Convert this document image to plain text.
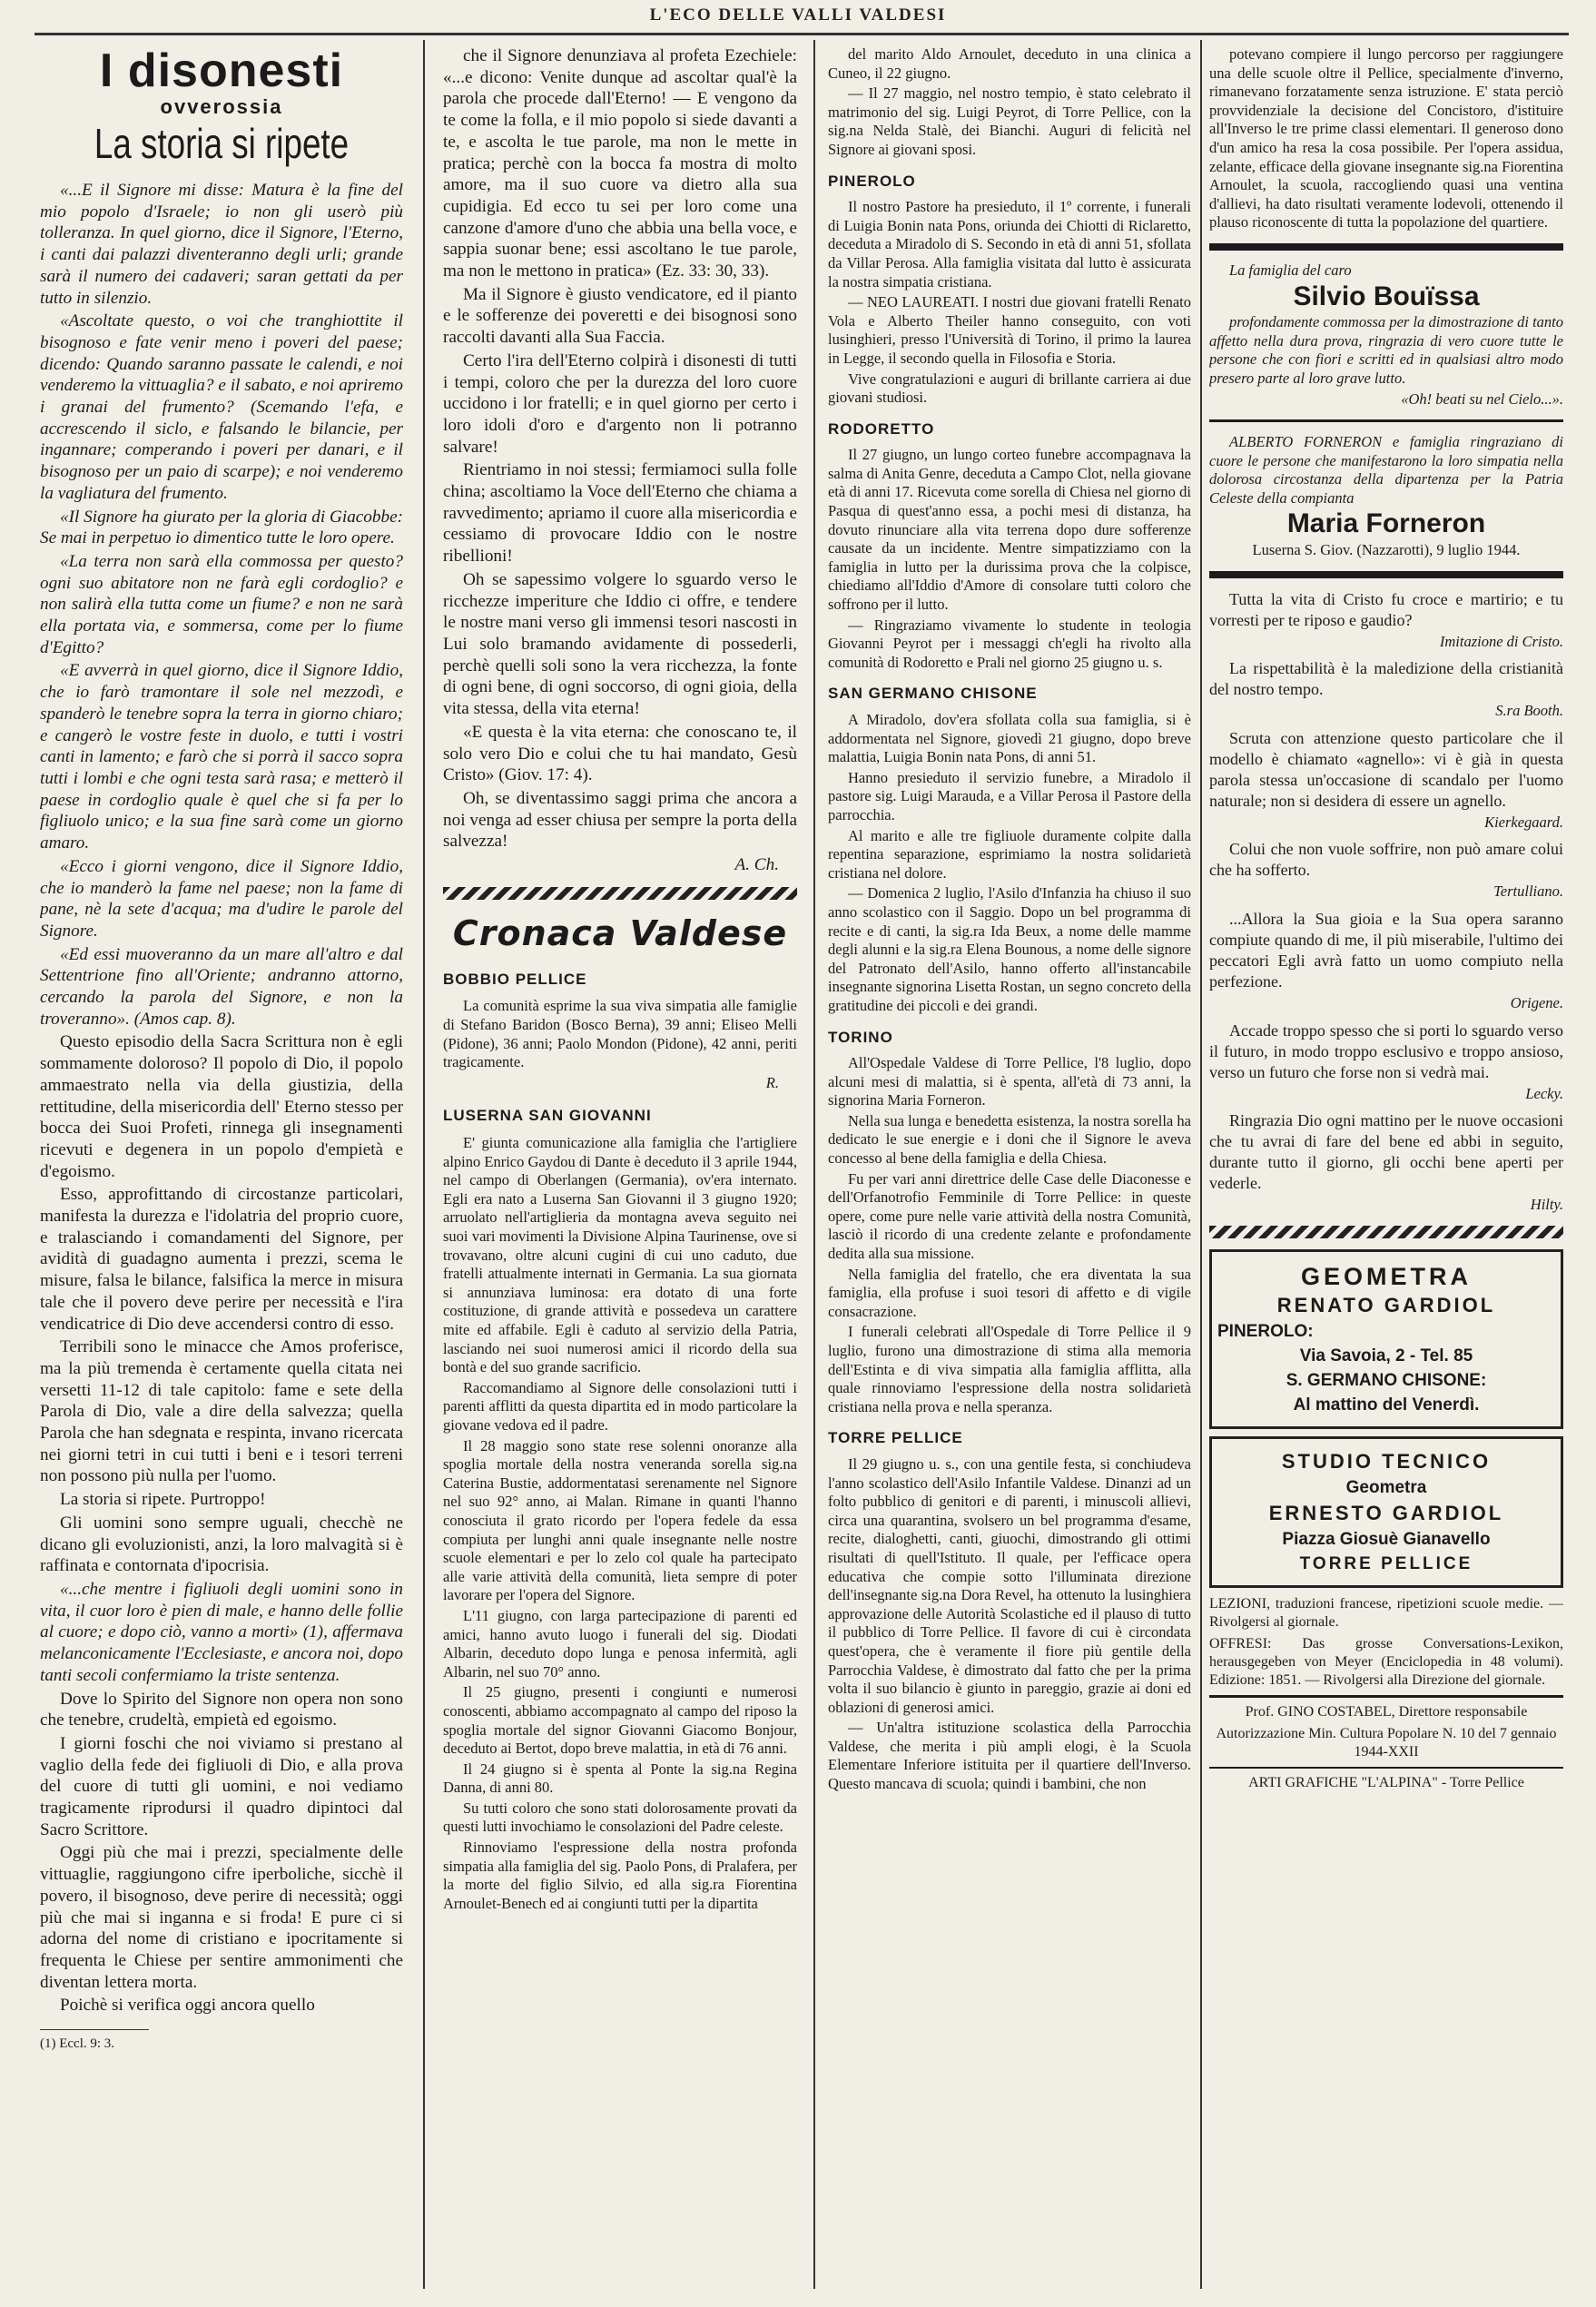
L'ECO DELLE VALLI VALDESI
I disonesti
ovverossia
La storia si ripete

«...E il Signore mi disse: Matura è la fine del mio popolo d'Israele; io non gli userò più tolleranza. In quel giorno, dice il Signore, l'Eterno, i canti dai palazzi diventeranno degli urli; grande sarà il numero dei cadaveri; saran gettati da per tutto in silenzio.

«Ascoltate questo, o voi che tranghiottite il bisognoso e fate venir meno i poveri del paese; dicendo: Quando saranno passate le calendi, e noi venderemo la vittuaglia? e il sabato, e noi apriremo i granai del frumento? (Scemando l'efa, e accrescendo il siclo, e falsando le bilancie, per ingannare; comperando i poveri per danari, e il bisognoso per un paio di scarpe); e noi venderemo la vagliatura del frumento.

«Il Signore ha giurato per la gloria di Giacobbe: Se mai in perpetuo io dimentico tutte le loro opere.

«La terra non sarà ella commossa per questo? ogni suo abitatore non ne farà egli cordoglio? e non salirà ella tutta come un fiume? e non ne sarà ella portata via, e sommersa, come per lo fiume d'Egitto?

«E avverrà in quel giorno, dice il Signore Iddio, che io farò tramontare il sole nel mezzodì, e spanderò le tenebre sopra la terra in giorno chiaro; e cangerò le vostre feste in duolo, e tutti i vostri canti in lamento; e farò che si porrà il sacco sopra tutti i lombi e che ogni testa sarà rasa; e metterò il paese in cordoglio quale è quel che si fa per lo figliuolo unico; e la sua fine sarà come un giorno amaro.

«Ecco i giorni vengono, dice il Signore Iddio, che io manderò la fame nel paese; non la fame di pane, nè la sete d'acqua; ma d'udire le parole del Signore.

«Ed essi muoveranno da un mare all'altro e dal Settentrione fino all'Oriente; andranno attorno, cercando la parola del Signore, e non la troveranno». (Amos cap. 8).

Questo episodio della Sacra Scrittura non è egli sommamente doloroso? Il popolo di Dio, il popolo ammaestrato nella via della giustizia, della rettitudine, della misericordia dell' Eterno stesso per bocca dei Suoi Profeti, rinnega gli insegnamenti ricevuti e degenera in un popolo d'empietà e d'egoismo.

Esso, approfittando di circostanze particolari, manifesta la durezza e l'idolatria del proprio cuore, e tralasciando i comandamenti del Signore, per avidità di guadagno aumenta i prezzi, scema le misure, falsa le bilance, falsifica la merce in misura tale che il povero deve perire per necessità e l'ira vendicatrice di Dio deve accendersi contro di esso.

Terribili sono le minacce che Amos proferisce, ma la più tremenda è certamente quella citata nei versetti 11-12 di tale capitolo: fame e sete della Parola di Dio, vale a dire della salvezza; quella Parola che han sdegnata e respinta, invano ricercata nei giorni tetri in cui tutti i beni e i tesori terreni non possono più nulla per l'uomo.

La storia si ripete. Purtroppo!

Gli uomini sono sempre uguali, checchè ne dicano gli evoluzionisti, anzi, la loro malvagità si è raffinata e contornata d'ipocrisia.

«...che mentre i figliuoli degli uomini sono in vita, il cuor loro è pien di male, e hanno delle follie al cuore; e dopo ciò, vanno a morti» (1), affermava melanconicamente l'Ecclesiaste, e ancora noi, dopo tanti secoli confermiamo la triste sentenza.

Dove lo Spirito del Signore non opera non sono che tenebre, crudeltà, empietà ed egoismo.

I giorni foschi che noi viviamo si prestano al vaglio della fede dei figliuoli di Dio, e alla prova del cuore di tutti gli uomini, e noi vediamo tragicamente riprodursi il quadro dipintoci dal Sacro Scrittore.

Oggi più che mai i prezzi, specialmente delle vittuaglie, raggiungono cifre iperboliche, sicchè il povero, il bisognoso, deve perire di necessità; oggi più che mai si inganna e si froda! E pure ci si adorna del nome di cristiano e ipocritamente si frequenta le Chiese per sentire ammonimenti che diventan lettera morta.

Poichè si verifica oggi ancora quello

(1) Eccl. 9: 3.

che il Signore denunziava al profeta Ezechiele: «...e dicono: Venite dunque ad ascoltar qual'è la parola che procede dall'Eterno! — E vengono da te come la folla, e il mio popolo si siede davanti a te, e ascolta le tue parole, ma non le mette in pratica; perchè con la bocca fa mostra di molto amore, ma il suo cuore va dietro alla sua cupidigia. Ed ecco tu sei per loro come una canzone d'amore d'uno che abbia una bella voce, e sappia suonar bene; essi ascoltano le tue parole, ma non le mettono in pratica» (Ez. 33: 30, 33).

Ma il Signore è giusto vendicatore, ed il pianto e le sofferenze dei poveretti e dei bisognosi sono raccolti davanti alla Sua Faccia.

Certo l'ira dell'Eterno colpirà i disonesti di tutti i tempi, coloro che per la durezza del loro cuore uccidono i lor fratelli; e in quel giorno per certo i loro idoli d'oro e d'argento non li potranno salvare!

Rientriamo in noi stessi; fermiamoci sulla folle china; ascoltiamo la Voce dell'Eterno che chiama a ravvedimento; apriamo il cuore alla misericordia e cessiamo di provocare Iddio con le nostre ribellioni!

Oh se sapessimo volgere lo sguardo verso le ricchezze imperiture che Iddio ci offre, e tendere le nostre mani verso gli immensi tesori nascosti in Lui solo bramando avidamente di possederli, perchè quelli soli sono la vera ricchezza, la fonte di ogni bene, di ogni soccorso, di ogni gioia, della vita stessa, della vita eterna!

«E questa è la vita eterna: che conoscano te, il solo vero Dio e colui che tu hai mandato, Gesù Cristo» (Giov. 17: 4).

Oh, se diventassimo saggi prima che ancora a noi venga ad esser chiusa per sempre la porta della salvezza!

A. Ch.
Cronaca Valdese
BOBBIO PELLICE

La comunità esprime la sua viva simpatia alle famiglie di Stefano Baridon (Bosco Berna), 39 anni; Eliseo Melli (Pidone), 36 anni; Paolo Mondon (Pidone), 42 anni, periti tragicamente.

R.
LUSERNA SAN GIOVANNI

E' giunta comunicazione alla famiglia che l'artigliere alpino Enrico Gaydou di Dante è deceduto il 3 aprile 1944, nel campo di Oberlangen (Germania), ov'era internato. Egli era nato a Luserna San Giovanni il 3 giugno 1920; arruolato nell'artiglieria da montagna aveva seguito nei suoi vari movimenti la Divisione Alpina Taurinense, ove si trovavano, oltre alcuni cugini di cui uno caduto, due fratelli attualmente internati in Germania. La sua giornata si annunziava luminosa: era dotato di una forte costituzione, di grande attività e possedeva un carattere mite ed affabile. Egli è caduto al servizio della Patria, lasciando nei suoi numerosi amici il ricordo della sua bontà e del suo grande sacrificio.

Raccomandiamo al Signore delle consolazioni tutti i parenti afflitti da questa dipartita ed in modo particolare la giovane vedova ed il padre.

Il 28 maggio sono state rese solenni onoranze alla spoglia mortale della nostra veneranda sorella sig.na Caterina Bustie, addormentatasi serenamente nel Signore nel suo 92° anno, ai Malan. Rimane in quanti l'hanno conosciuta il grato ricordo per l'opera fedele da essa compiuta per lunghi anni quale insegnante nelle nostre scuole elementari e per lo zelo col quale ha partecipato alle varie attività della comunità, lieta sempre di poter lavorare per l'opera del Signore.

L'11 giugno, con larga partecipazione di parenti ed amici, hanno avuto luogo i funerali del sig. Diodati Albarin, deceduto dopo lunga e penosa infermità, agli Albarin, nel suo 70° anno.

Il 25 giugno, presenti i congiunti e numerosi conoscenti, abbiamo accompagnato al campo del riposo la spoglia mortale del signor Giovanni Giacomo Bonjour, deceduto ai Bertot, dopo breve malattia, in età di 76 anni.

Il 24 giugno si è spenta al Ponte la sig.na Regina Danna, di anni 80.

Su tutti coloro che sono stati dolorosamente provati da questi lutti invochiamo le consolazioni del Padre celeste.

Rinnoviamo l'espressione della nostra profonda simpatia alla famiglia del sig. Paolo Pons, di Pralafera, per la morte del figlio Silvio, ed alla sig.ra Fiorentina Arnoulet-Benech ed ai congiunti tutti per la dipartita

del marito Aldo Arnoulet, deceduto in una clinica a Cuneo, il 22 giugno.

— Il 27 maggio, nel nostro tempio, è stato celebrato il matrimonio del sig. Luigi Peyrot, di Torre Pellice, con la sig.na Nelda Stalè, dei Bianchi. Auguri di felicità nel Signore ai giovani sposi.

PINEROLO

Il nostro Pastore ha presieduto, il 1º corrente, i funerali di Luigia Bonin nata Pons, oriunda dei Chiotti di Riclaretto, deceduta a Miradolo di S. Secondo in età di anni 51, sfollata da Villar Perosa. Alla famiglia visitata dal lutto è assicurata la nostra simpatia cristiana.

— NEO LAUREATI. I nostri due giovani fratelli Renato Vola e Alberto Theiler hanno conseguito, con voti lusinghieri, presso l'Università di Torino, il primo la laurea in Legge, il secondo quella in Filosofia e Storia.

Vive congratulazioni e auguri di brillante carriera ai due giovani studiosi.

RODORETTO

Il 27 giugno, un lungo corteo funebre accompagnava la salma di Anita Genre, deceduta a Campo Clot, nella giovane età di anni 17. Ricevuta come sorella di Chiesa nel giorno di Pasqua di quest'anno essa, a pochi mesi di distanza, ha dovuto rinunciare alla vita terrena dopo dure sofferenze causate da un incidente. Mentre simpatizziamo con la famiglia in lutto per la durissima prova che la colpisce, chiediamo all'Iddio d'Amore di consolare tutti coloro che soffrono per il lutto.

— Ringraziamo vivamente lo studente in teologia Giovanni Peyrot per i messaggi ch'egli ha rivolto alla comunità di Rodoretto e Prali nel giorno 25 giugno u. s.

SAN GERMANO CHISONE

A Miradolo, dov'era sfollata colla sua famiglia, si è addormentata nel Signore, giovedì 21 giugno, dopo breve malattia, Luigia Bonin nata Pons, di anni 51.

Hanno presieduto il servizio funebre, a Miradolo il pastore sig. Luigi Marauda, e a Villar Perosa il Pastore della parrocchia.

Al marito e alle tre figliuole duramente colpite dalla repentina separazione, esprimiamo la nostra solidarietà cristiana nel dolore.

— Domenica 2 luglio, l'Asilo d'Infanzia ha chiuso il suo anno scolastico con il Saggio. Dopo un bel programma di recite e di canti, la sig.ra Ida Beux, a nome delle mamme degli alunni e la sig.ra Elena Bounous, a nome delle signore del Patronato dell'Asilo, hanno offerto all'instancabile insegnante signorina Lisetta Rostan, un segno concreto della gratitudine dei piccoli e dei grandi.

TORINO

All'Ospedale Valdese di Torre Pellice, l'8 luglio, dopo alcuni mesi di malattia, si è spenta, all'età di 73 anni, la signorina Maria Forneron.

Nella sua lunga e benedetta esistenza, la nostra sorella ha dedicato le sue energie e i doni che il Signore le aveva concesso al bene della famiglia e della Chiesa.

Fu per vari anni direttrice delle Case delle Diaconesse e dell'Orfanotrofio Femminile di Torre Pellice: in queste opere, come pure nelle varie attività della nostra Comunità, lasciò il ricordo di una credente zelante e profondamente dedita alla sua missione.

Nella famiglia del fratello, che era diventata la sua famiglia, ella profuse i suoi tesori di affetto e di vigile consacrazione.

I funerali celebrati all'Ospedale di Torre Pellice il 9 luglio, furono una dimostrazione di stima alla memoria dell'Estinta e di viva simpatia alla famiglia afflitta, alla quale rinnoviamo l'espressione della nostra solidarietà cristiana nella prova e nella speranza.

TORRE PELLICE

Il 29 giugno u. s., con una gentile festa, si conchiudeva l'anno scolastico dell'Asilo Infantile Valdese. Dinanzi ad un folto pubblico di genitori e di parenti, i minuscoli allievi, circa una quarantina, svolsero un bel programma d'esame, recite, dialoghetti, canti, giuochi, dimostrando gli ottimi risultati di quell'Istituto. Il quale, per l'efficace opera educativa che compie sotto l'illuminata direzione dell'insegnante sig.na Dora Revel, ha ottenuto la lusinghiera approvazione delle Autorità Scolastiche ed il plauso di tutto il pubblico di Torre Pellice. Il favore di cui è circondata quest'opera, che è veramente il fiore più gentile della Parrocchia Valdese, è dimostrato dal fatto che per la prima volta il suo bilancio è giunto in pareggio, grazie ai doni ed oblazioni di generosi amici.

— Un'altra istituzione scolastica della Parrocchia Valdese, che merita i più ampli elogi, è la Scuola Elementare Inferiore istituita per il quartiere dell'Inverso. Questo mancava di scuola; quindi i bambini, che non

potevano compiere il lungo percorso per raggiungere una delle scuole oltre il Pellice, specialmente d'inverno, rimanevano forzatamente senza istruzione. E' stata perciò provvidenziale la decisione del Concistoro, d'istituire all'Inverso le tre prime classi elementari. Il generoso dono d'un amico ha resa la cosa possibile. Per l'opera assidua, zelante, efficace della giovane insegnante sig.na Fiorentina Arnoulet, la scuola, raccogliendo quasi una ventina d'allievi, ha dato risultati veramente lodevoli, ottenendo il plauso riconoscente di tutta la popolazione del quartiere.

La famiglia del caro

Silvio Bouïssa

profondamente commossa per la dimostrazione di tanto affetto nella dura prova, ringrazia di vero cuore tutte le persone che con fiori e scritti ed in qualsiasi altro modo presero parte al loro grave lutto.

«Oh! beati su nel Cielo...».

ALBERTO FORNERON e famiglia ringraziano di cuore le persone che manifestarono la loro simpatia nella dolorosa circostanza della dipartenza per la Patria Celeste della compianta

Maria Forneron

Luserna S. Giov. (Nazzarotti), 9 luglio 1944.

Tutta la vita di Cristo fu croce e martirio; e tu vorresti per te riposo e gaudio?

Imitazione di Cristo.

La rispettabilità è la maledizione della cristianità del nostro tempo.

S.ra Booth.

Scruta con attenzione questo particolare che il modello è chiamato «agnello»: vi è già in questa parola stessa un'occasione di scandalo per l'uomo naturale; non si desidera di essere un agnello.

Kierkegaard.

Colui che non vuole soffrire, non può amare colui che ha sofferto.

Tertulliano.

...Allora la Sua gioia e la Sua opera saranno compiute quando di me, il più miserabile, l'ultimo dei peccatori Egli avrà fatto un uomo compiuto nella perfezione.

Origene.

Accade troppo spesso che si porti lo sguardo verso il futuro, in modo troppo esclusivo e troppo ansioso, verso un futuro che forse non si vedrà mai.

Lecky.

Ringrazia Dio ogni mattino per le nuove occasioni che tu avrai di fare del bene ed abbi in seguito, durante tutto il giorno, gli occhi bene aperti per vederle.

Hilty.
GEOMETRA
RENATO GARDIOL
PINEROLO:
Via Savoia, 2 - Tel. 85
S. GERMANO CHISONE:
Al mattino del Venerdì.
STUDIO TECNICO
Geometra
ERNESTO GARDIOL
Piazza Giosuè Gianavello
TORRE PELLICE

LEZIONI, traduzioni francese, ripetizioni scuole medie. — Rivolgersi al giornale.

OFFRESI: Das grosse Conversations-Lexikon, herausgegeben von Meyer (Enciclopedia in 48 volumi). Edizione: 1851. — Rivolgersi alla Direzione del giornale.

Prof. GINO COSTABEL, Direttore responsabile

Autorizzazione Min. Cultura Popolare N. 10 del 7 gennaio 1944-XXII

ARTI GRAFICHE "L'ALPINA" - Torre Pellice
